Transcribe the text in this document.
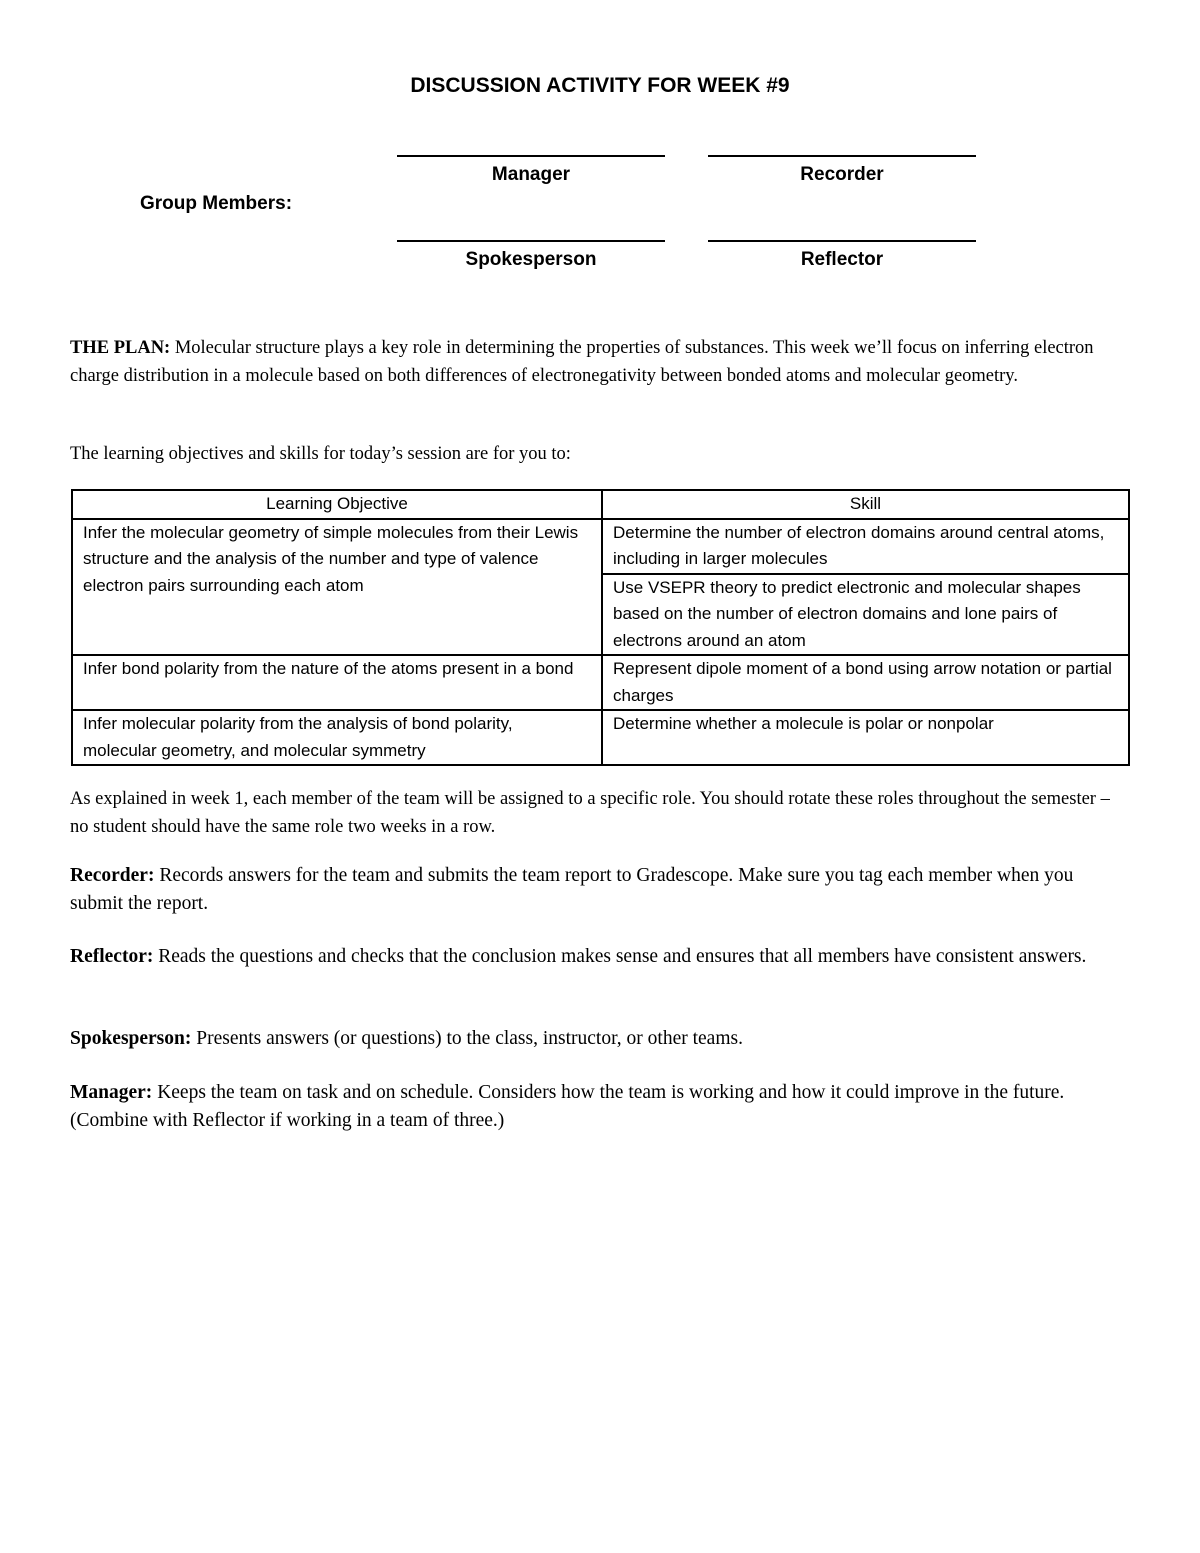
DISCUSSION ACTIVITY FOR WEEK #9
Group Members:
Manager	Recorder
Spokesperson	Reflector
THE PLAN: Molecular structure plays a key role in determining the properties of substances. This week we’ll focus on inferring electron charge distribution in a molecule based on both differences of electronegativity between bonded atoms and molecular geometry.
The learning objectives and skills for today’s session are for you to:
Learning Objective	Skill
Infer the molecular geometry of simple molecules from their Lewis structure and the analysis of the number and type of valence electron pairs surrounding each atom	Determine the number of electron domains around central atoms, including in larger molecules
	Use VSEPR theory to predict electronic and molecular shapes based on the number of electron domains and lone pairs of electrons around an atom
Infer bond polarity from the nature of the atoms present in a bond	Represent dipole moment of a bond using arrow notation or partial charges
Infer molecular polarity from the analysis of bond polarity, molecular geometry, and molecular symmetry	Determine whether a molecule is polar or nonpolar
As explained in week 1, each member of the team will be assigned to a specific role. You should rotate these roles throughout the semester – no student should have the same role two weeks in a row.
Recorder: Records answers for the team and submits the team report to Gradescope. Make sure you tag each member when you submit the report.
Reflector: Reads the questions and checks that the conclusion makes sense and ensures that all members have consistent answers.
Spokesperson: Presents answers (or questions) to the class, instructor, or other teams.
Manager: Keeps the team on task and on schedule. Considers how the team is working and how it could improve in the future. (Combine with Reflector if working in a team of three.)
